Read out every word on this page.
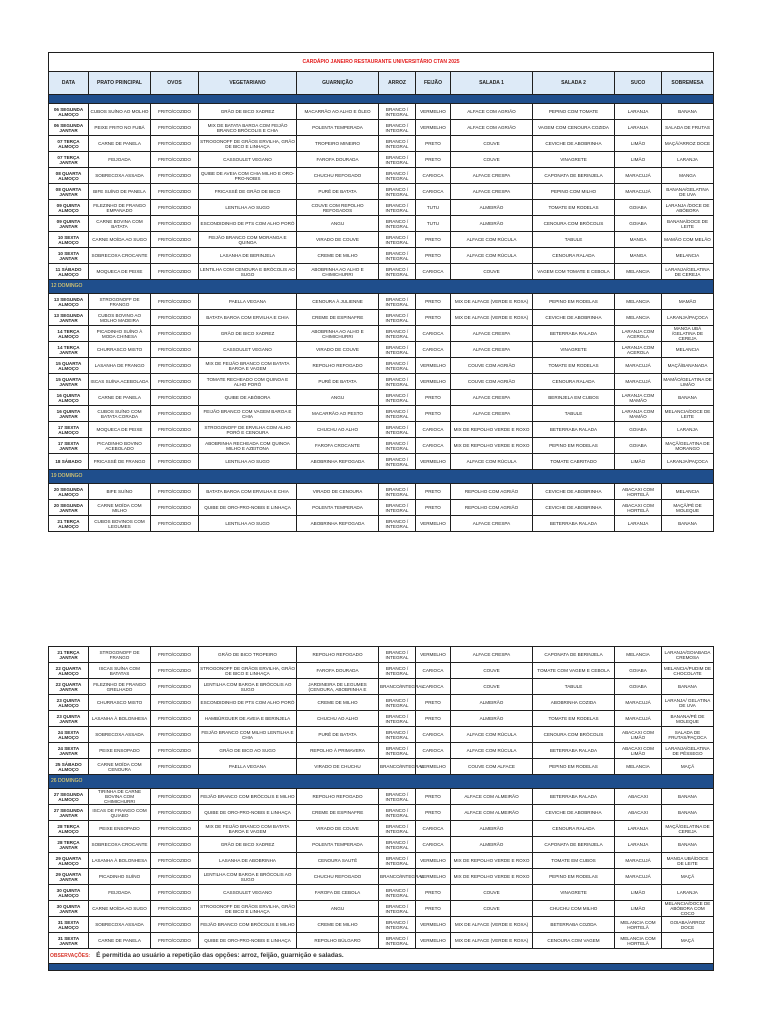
CARDÁPIO JANEIRO RESTAURANTE UNIVERSITÁRIO CTAN 2025										
DATA	PRATO PRINCIPAL	OVOS	VEGETARIANO	GUARNIÇÃO	ARROZ	FEIJÃO	SALADA 1	SALADA 2	SUCO	SOBREMESA

06 SEGUNDA ALMOÇO	CUBOS SUÍNO AO MOLHO	FRITO/COZIDO	GRÃO DE BICO XADREZ	MACARRÃO AO ALHO E ÓLEO	BRANCO / INTEGRAL	VERMELHO	ALFACE COM AGRIÃO	PEPINO COM TOMATE	LARANJA	BANANA
06 SEGUNDA JANTAR	PEIXE FRITO NO FUBÁ	FRITO/COZIDO	MIX DE BATATA BAROA COM FEIJÃO BRANCO BRÓCOLIS E CHIA	POLENTA TEMPERADA	BRANCO / INTEGRAL	VERMELHO	ALFACE COM AGRIÃO	VAGEM COM CENOURA COZIDA	LARANJA	SALADA DE FRUTAS
07 TERÇA ALMOÇO	CARNE DE PANELA	FRITO/COZIDO	STROGONOFF DE GRÃOS ERVILHA, GRÃO DE BICO E LINHAÇA	TROPEIRO MINEIRO	BRANCO / INTEGRAL	PRETO	COUVE	CEVICHE DE ABOBRINHA	LIMÃO	MAÇÃ/ARROZ DOCE
07 TERÇA JANTAR	FEIJOADA	FRITO/COZIDO	CASSOULET VEGANO	FAROFA DOURADA	BRANCO / INTEGRAL	PRETO	COUVE	VINAGRETE	LIMÃO	LARANJA
08 QUARTA ALMOÇO	SOBRECOXA ASSADA	FRITO/COZIDO	QUIBE DE AVEIA COM CHIA MILHO E ORO-PRO-NOBIS	CHUCHU REFOGADO	BRANCO / INTEGRAL	CARIOCA	ALFACE CRESPA	CAPONATA DE BERINJELA	MARACUJÁ	MANGA
08 QUARTA JANTAR	BIFE SUÍNO DE PANELA	FRITO/COZIDO	FRICASSÊ DE GRÃO DE BICO	PURÊ DE BATATA	BRANCO / INTEGRAL	CARIOCA	ALFACE CRESPA	PEPINO COM MILHO	MARACUJÁ	BANANA/GELATINA DE UVA
09 QUINTA ALMOÇO	FILEZINHO DE FRANGO EMPANADO	FRITO/COZIDO	LENTILHA AO SUGO	COUVE COM REPOLHO REFOGADOS	BRANCO / INTEGRAL	TUTU	ALMEIRÃO	TOMATE EM RODELAS	GOIABA	LARANJA /DOCE DE ABÓBORA
09 QUINTA JANTAR	CARNE BOVINA COM BATATA	FRITO/COZIDO	ESCONDIDINHO DE PTS COM ALHO PORÓ	ANGU	BRANCO / INTEGRAL	TUTU	ALMEIRÃO	CENOURA COM BRÓCOLIS	GOIABA	BANANA/DOCE DE LEITE
10 SEXTA ALMOÇO	CARNE MOÍDA AO SUGO	FRITO/COZIDO	FEIJÃO BRANCO COM MORANGA E QUINOA	VIRADO DE COUVE	BRANCO / INTEGRAL	PRETO	ALFACE COM RÚCULA	TABULE	MANGA	MAMÃO COM MELÃO
10 SEXTA JANTAR	SOBRECOXA CROCANTE	FRITO/COZIDO	LASANHA DE BERINJELA	CREME DE MILHO	BRANCO / INTEGRAL	PRETO	ALFACE COM RÚCULA	CENOURA RALADA	MANGA	MELANCIA
11 SÁBADO ALMOÇO	MOQUECA DE PEIXE	FRITO/COZIDO	LENTILHA COM CENOURA E BRÓCOLIS AO SUGO	ABOBRINHA AO ALHO E CHIMICHURRI	BRANCO / INTEGRAL	CARIOCA	COUVE	VAGEM COM TOMATE E CEBOLA	MELANCIA	LARANJA/GELATINA DE CEREJA
12 DOMINGO										
13 SEGUNDA ALMOÇO	STROGONOFF DE FRANGO	FRITO/COZIDO	PAELLA VEGANA	CENOURA À JULIENNE	BRANCO / INTEGRAL	PRETO	MIX DE ALFACE (VERDE E ROXA)	PEPINO EM RODELAS	MELANCIA	MAMÃO
13 SEGUNDA JANTAR	CUBOS BOVINO AO MOLHO MADEIRA	FRITO/COZIDO	BATATA BAROA COM ERVILHA E CHIA	CREME DE ESPINAFRE	BRANCO / INTEGRAL	PRETO	MIX DE ALFACE (VERDE E ROXA)	CEVICHE DE ABOBRINHA	MELANCIA	LARANJA/PAÇOCA
14 TERÇA ALMOÇO	PICADINHO SUÍNO À MODA CHINESA	FRITO/COZIDO	GRÃO DE BICO XADREZ	ABOBRINHA AO ALHO E CHIMICHURRI	BRANCO / INTEGRAL	CARIOCA	ALFACE CRESPA	BETERRABA RALADA	LARANJA COM ACEROLA	MANGA UBÁ /GELATINA DE CEREJA
14 TERÇA JANTAR	CHURRASCO MISTO	FRITO/COZIDO	CASSOULET VEGANO	VIRADO DE COUVE	BRANCO / INTEGRAL	CARIOCA	ALFACE CRESPA	VINAGRETE	LARANJA COM ACEROLA	MELANCIA
15 QUARTA ALMOÇO	LASANHA DE FRANGO	FRITO/COZIDO	MIX DE FEIJÃO BRANCO COM BATATA BAROA E VAGEM	REPOLHO REFOGADO	BRANCO / INTEGRAL	VERMELHO	COUVE COM AGRIÃO	TOMATE EM RODELAS	MARACUJÁ	MAÇÃ/BANANADA
15 QUARTA JANTAR	ISCAS SUÍNA ACEBOLADA	FRITO/COZIDO	TOMATE RECHEADO COM QUINOA E ALHO PORÓ	PURÊ DE BATATA	BRANCO / INTEGRAL	VERMELHO	COUVE COM AGRIÃO	CENOURA RALADA	MARACUJÁ	MAMÃO/GELATINA DE LIMÃO
16 QUINTA ALMOÇO	CARNE DE PANELA	FRITO/COZIDO	QUIBE DE ABÓBORA	ANGU	BRANCO / INTEGRAL	PRETO	ALFACE CRESPA	BERINJELA EM CUBOS	LARANJA COM MAMÃO	BANANA
16 QUINTA JANTAR	CUBOS SUÍNO COM BATATA CORADA	FRITO/COZIDO	FEIJÃO BRANCO COM VAGEM BAROA E CHIA	MACARRÃO AO PESTO	BRANCO / INTEGRAL	PRETO	ALFACE CRESPA	TABULE	LARANJA COM MAMÃO	MELANCIA/DOCE DE LEITE
17 SEXTA ALMOÇO	MOQUECA DE PEIXE	FRITO/COZIDO	STROGONOFF DE ERVILHA COM ALHO PORÓ E CENOURA	CHUCHU AO ALHO	BRANCO / INTEGRAL	CARIOCA	MIX DE REPOLHO VERDE E ROXO	BETERRABA RALADA	GOIABA	LARANJA
17 SEXTA JANTAR	PICADINHO BOVINO ACEBOLADO	FRITO/COZIDO	ABOBRINHA RECHEADA COM QUINOA MILHO E AZEITONA	FAROFA CROCANTE	BRANCO / INTEGRAL	CARIOCA	MIX DE REPOLHO VERDE E ROXO	PEPINO EM RODELAS	GOIABA	MAÇÃ/GELATINA DE MORANGO
18 SÁBADO	FRICASSÊ DE FRANGO	FRITO/COZIDO	LENTILHA AO SUGO	ABOBRINHA REFOGADA	BRANCO / INTEGRAL	VERMELHO	ALFACE COM RÚCULA	TOMATE CABRITADO	LIMÃO	LARANJA/PAÇOCA
19 DOMINGO										
20 SEGUNDA ALMOÇO	BIFE SUÍNO	FRITO/COZIDO	BATATA BAROA COM ERVILHA E CHIA	VIRADO DE CENOURA	BRANCO / INTEGRAL	PRETO	REPOLHO COM AGRIÃO	CEVICHE DE ABOBRINHA	ABACAXI COM HORTELÃ	MELANCIA
20 SEGUNDA JANTAR	CARNE MOÍDA COM MILHO	FRITO/COZIDO	QUIBE DE ORO-PRO-NOBIS E LINHAÇA	POLENTA TEMPERADA	BRANCO / INTEGRAL	PRETO	REPOLHO COM AGRIÃO	CEVICHE DE ABOBRINHA	ABACAXI COM HORTELÃ	MAÇÃ/PÉ DE MOLEQUE
21 TERÇA ALMOÇO	CUBOS BOVINOS COM LEGUMES	FRITO/COZIDO	LENTILHA AO SUGO	ABOBRINHA REFOGADA	BRANCO / INTEGRAL	VERMELHO	ALFACE CRESPA	BETERRABA RALADA	LARANJA	BANANA
21 TERÇA JANTAR	STROGONOFF DE FRANGO	FRITO/COZIDO	GRÃO DE BICO TROPEIRO	REPOLHO REFOGADO	BRANCO / INTEGRAL	VERMELHO	ALFACE CRESPA	CAPONATA DE BERINJELA	MELANCIA	LARANJA/GOIABADA CREMOSA
22 QUARTA ALMOÇO	ISCAS SUÍNA COM BATATAS	FRITO/COZIDO	STROGONOFF DE GRÃOS ERVILHA, GRÃO DE BICO E LINHAÇA	FAROFA DOURADA	BRANCO / INTEGRAL	CARIOCA	COUVE	TOMATE COM VAGEM E CEBOLA	GOIABA	MELANCIA/PUDIM DE CHOCOLATE
22 QUARTA JANTAR	FILEZINHO DE FRANGO GRELHADO	FRITO/COZIDO	LENTILHA COM BAROA E BRÓCOLIS AO SUGO	JARDINEIRA DE LEGUMES (CENOURA, ABOBRINHA E	BRANCO/INTEGRAL	CARIOCA	COUVE	TABULE	GOIABA	BANANA
23 QUINTA ALMOÇO	CHURRASCO MISTO	FRITO/COZIDO	ESCONDIDINHO DE PTS COM ALHO PORÓ	CREME DE MILHO	BRANCO / INTEGRAL	PRETO	ALMEIRÃO	ABOBRINHA COZIDA	MARACUJÁ	LARANJA/ GELATINA DE UVA
23 QUINTA JANTAR	LASANHA À BOLONHESA	FRITO/COZIDO	HAMBÚRGUER DE AVEIA E BERINJELA	CHUCHU AO ALHO	BRANCO / INTEGRAL	PRETO	ALMEIRÃO	TOMATE EM RODELAS	MARACUJÁ	BANANA/PÉ DE MOLEQUE
24 SEXTA ALMOÇO	SOBRECOXA ASSADA	FRITO/COZIDO	FEIJÃO BRANCO COM MILHO LENTILHA E CHIA	PURÊ DE BATATA	BRANCO / INTEGRAL	CARIOCA	ALFACE COM RÚCULA	CENOURA COM BRÓCOLIS	ABACAXI COM LIMÃO	SALADA DE FRUTAS/PAÇOCA
24 SEXTA JANTAR	PEIXE ENSOPADO	FRITO/COZIDO	GRÃO DE BICO AO SUGO	REPOLHO À PRIMAVERA	BRANCO / INTEGRAL	CARIOCA	ALFACE COM RÚCULA	BETERRABA RALADA	ABACAXI COM LIMÃO	LARANJA/GELATINA DE PÊSSEGO
25 SÁBADO ALMOÇO	CARNE MOÍDA COM CENOURA	FRITO/COZIDO	PAELLA VEGANA	VIRADO DE CHUCHU	BRANCO/INTEGRAL	VERMELHO	COUVE COM ALFACE	PEPINO EM RODELAS	MELANCIA	MAÇÃ
26 DOMINGO										
27 SEGUNDA ALMOÇO	TIRINHA DE CARNE BOVINA COM CHIMICHURRI	FRITO/COZIDO	FEIJÃO BRANCO COM BRÓCOLIS E MILHO	REPOLHO REFOGADO	BRANCO / INTEGRAL	PRETO	ALFACE COM ALMEIRÃO	BETERRABA RALADA	ABACAXI	BANANA
27 SEGUNDA JANTAR	ISCAS DE FRANGO COM QUIABO	FRITO/COZIDO	QUIBE DE ORO-PRO-NOBIS E LINHAÇA	CREME DE ESPINAFRE	BRANCO / INTEGRAL	PRETO	ALFACE COM ALMEIRÃO	CEVICHE DE ABOBRINHA	ABACAXI	BANANA
28 TERÇA ALMOÇO	PEIXE ENSOPADO	FRITO/COZIDO	MIX DE FEIJÃO BRANCO COM BATATA BAROA E VAGEM	VIRADO DE COUVE	BRANCO / INTEGRAL	CARIOCA	ALMEIRÃO	CENOURA RALADA	LARANJA	MAÇÃ/GELATINA DE CEREJA
28 TERÇA JANTAR	SOBRECOXA CROCANTE	FRITO/COZIDO	GRÃO DE BICO XADREZ	POLENTA TEMPERADA	BRANCO / INTEGRAL	CARIOCA	ALMEIRÃO	CAPONATA DE BERINJELA	LARANJA	BANANA
29 QUARTA ALMOÇO	LASANHA À BOLONHESA	FRITO/COZIDO	LASANHA DE ABOBRINHA	CENOURA SAUTÊ	BRANCO / INTEGRAL	VERMELHO	MIX DE REPOLHO VERDE E ROXO	TOMATE EM CUBOS	MARACUJÁ	MANGA UBÁ/DOCE DE LEITE
29 QUARTA JANTAR	PICADINHO SUÍNO	FRITO/COZIDO	LENTILHA COM BAROA E BRÓCOLIS AO SUGO	CHUCHU REFOGADO	BRANCO/INTEGRAL	VERMELHO	MIX DE REPOLHO VERDE E ROXO	PEPINO EM RODELAS	MARACUJÁ	MAÇÃ
30 QUINTA ALMOÇO	FEIJOADA	FRITO/COZIDO	CASSOULET VEGANO	FAROFA DE CEBOLA	BRANCO / INTEGRAL	PRETO	COUVE	VINAGRETE	LIMÃO	LARANJA
30 QUINTA JANTAR	CARNE MOÍDA AO SUGO	FRITO/COZIDO	STROGONOFF DE GRÃOS ERVILHA, GRÃO DE BICO E LINHAÇA	ANGU	BRANCO / INTEGRAL	PRETO	COUVE	CHUCHU COM MILHO	LIMÃO	MELANCIA/DOCE DE ABÓBORA COM COCO
31 SEXTA ALMOÇO	SOBRECOXA ASSADA	FRITO/COZIDO	FEIJÃO BRANCO COM BRÓCOLIS E MILHO	CREME DE MILHO	BRANCO / INTEGRAL	VERMELHO	MIX DE ALFACE (VERDE E ROXA)	BETERRABA COZIDA	MELANCIA COM HORTELÃ	GOIABA/ARROZ DOCE
31 SEXTA JANTAR	CARNE DE PANELA	FRITO/COZIDO	QUIBE DE ORO-PRO-NOBIS E LINHAÇA	REPOLHO BÚLGARO	BRANCO / INTEGRAL	VERMELHO	MIX DE ALFACE (VERDE E ROXA)	CENOURA COM VAGEM	MELANCIA COM HORTELÃ	MAÇÃ
OBSERVAÇÕES: É permitida ao usuário a repetição das opções: arroz, feijão, guarnição e saladas.										
